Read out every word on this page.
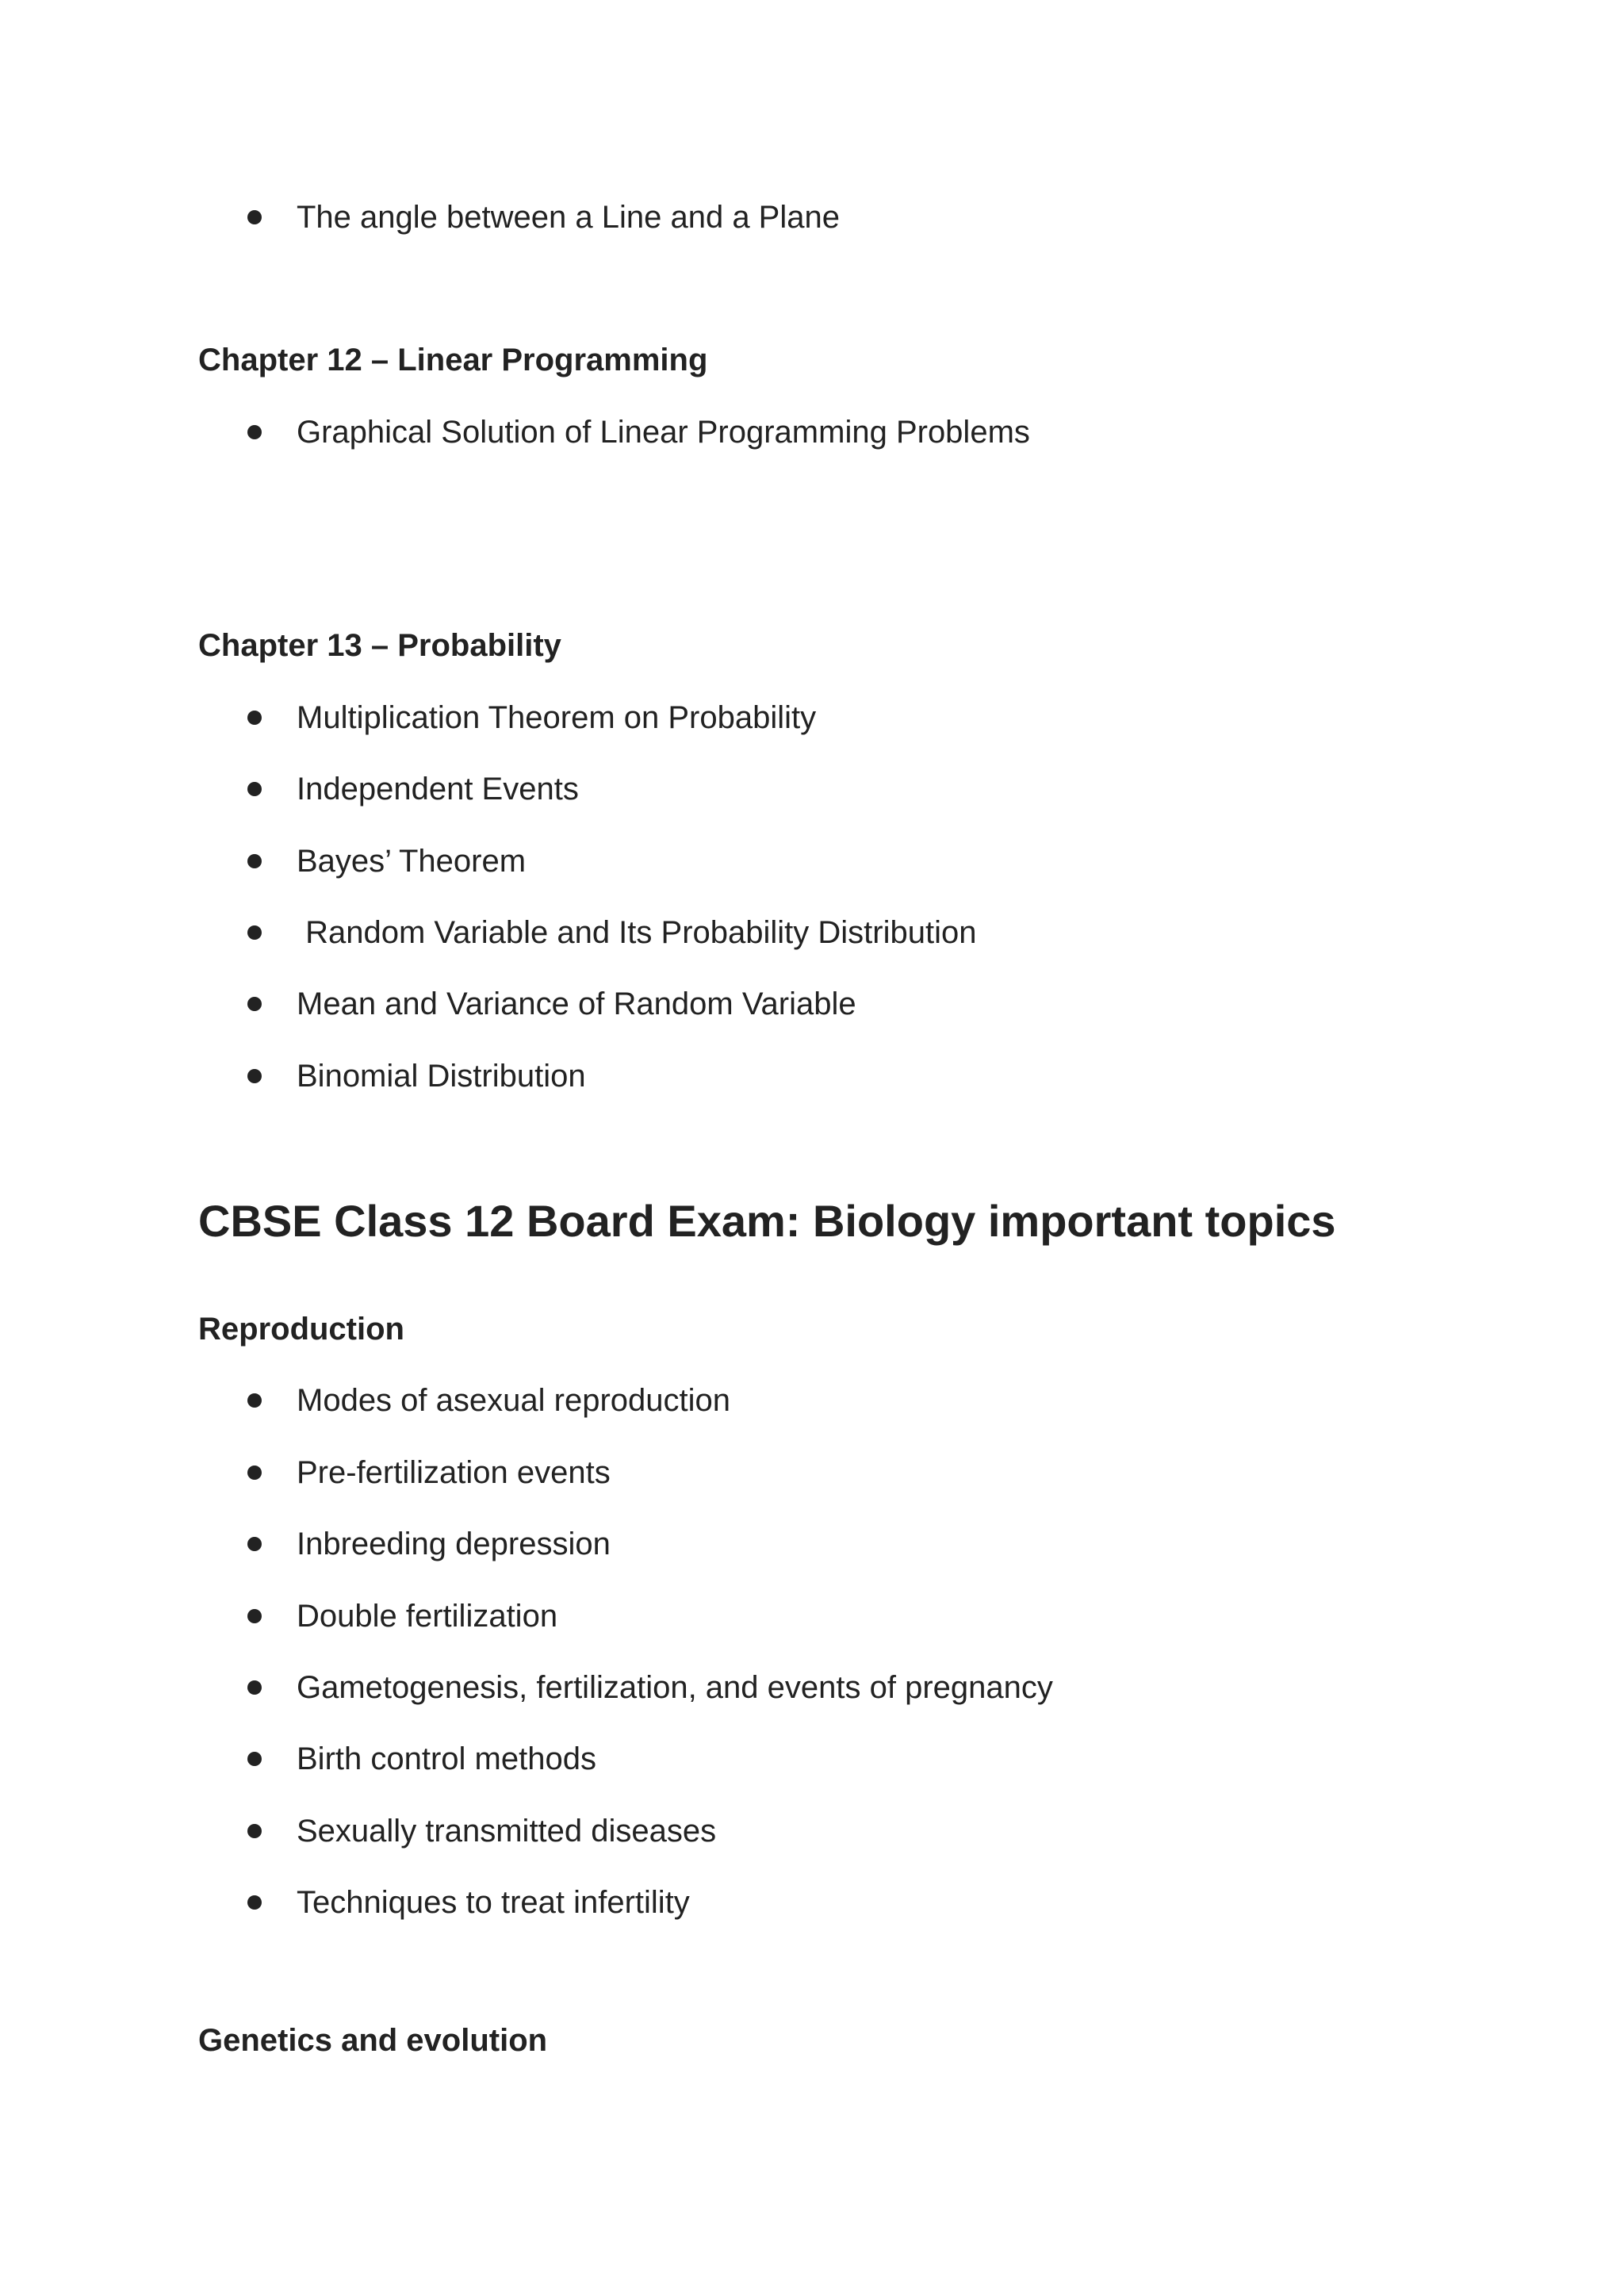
The angle between a Line and a Plane
Chapter 12 – Linear Programming
Graphical Solution of Linear Programming Problems
Chapter 13 – Probability
Multiplication Theorem on Probability
Independent Events
Bayes’ Theorem
Random Variable and Its Probability Distribution
Mean and Variance of Random Variable
Binomial Distribution
CBSE Class 12 Board Exam: Biology important topics
Reproduction
Modes of asexual reproduction
Pre-fertilization events
Inbreeding depression
Double fertilization
Gametogenesis, fertilization, and events of pregnancy
Birth control methods
Sexually transmitted diseases
Techniques to treat infertility
Genetics and evolution
